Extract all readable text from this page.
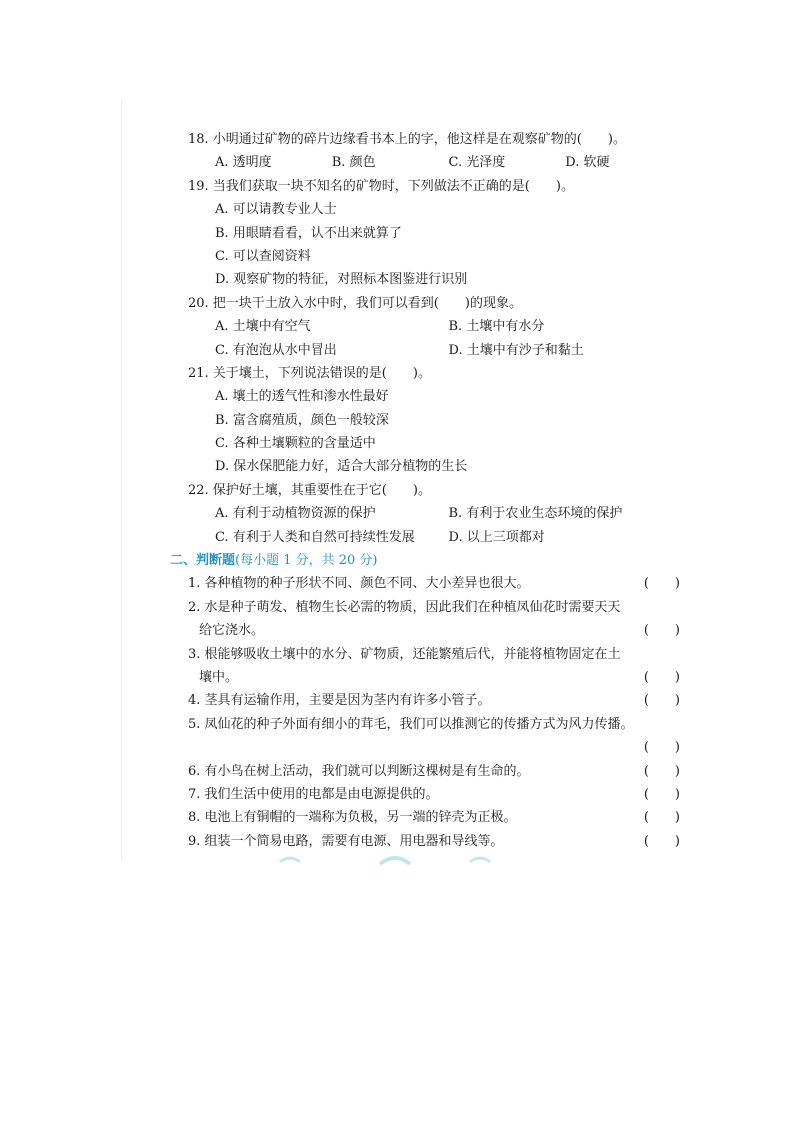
18. 小明通过矿物的碎片边缘看书本上的字，他这样是在观察矿物的(　　)。
A. 透明度	B. 颜色	C. 光泽度	D. 软硬
19. 当我们获取一块不知名的矿物时，下列做法不正确的是(　　)。
A. 可以请教专业人士
B. 用眼睛看看，认不出来就算了
C. 可以查阅资料
D. 观察矿物的特征，对照标本图鉴进行识别
20. 把一块干土放入水中时，我们可以看到(　　)的现象。
A. 土壤中有空气	B. 土壤中有水分
C. 有泡泡从水中冒出	D. 土壤中有沙子和黏土
21. 关于壤土，下列说法错误的是(　　)。
A. 壤土的透气性和渗水性最好
B. 富含腐殖质，颜色一般较深
C. 各种土壤颗粒的含量适中
D. 保水保肥能力好，适合大部分植物的生长
22. 保护好土壤，其重要性在于它(　　)。
A. 有利于动植物资源的保护	B. 有利于农业生态环境的保护
C. 有利于人类和自然可持续性发展	D. 以上三项都对
二、判断题(每小题 1 分，共 20 分)
1. 各种植物的种子形状不同、颜色不同、大小差异也很大。	(　　)
2. 水是种子萌发、植物生长必需的物质，因此我们在种植凤仙花时需要天天
给它浇水。	(　　)
3. 根能够吸收土壤中的水分、矿物质，还能繁殖后代，并能将植物固定在土
壤中。	(　　)
4. 茎具有运输作用，主要是因为茎内有许多小管子。	(　　)
5. 凤仙花的种子外面有细小的茸毛，我们可以推测它的传播方式为风力传播。
(　　)
6. 有小鸟在树上活动，我们就可以判断这棵树是有生命的。	(　　)
7. 我们生活中使用的电都是由电源提供的。	(　　)
8. 电池上有铜帽的一端称为负极，另一端的锌壳为正极。	(　　)
9. 组装一个简易电路，需要有电源、用电器和导线等。	(　　)
